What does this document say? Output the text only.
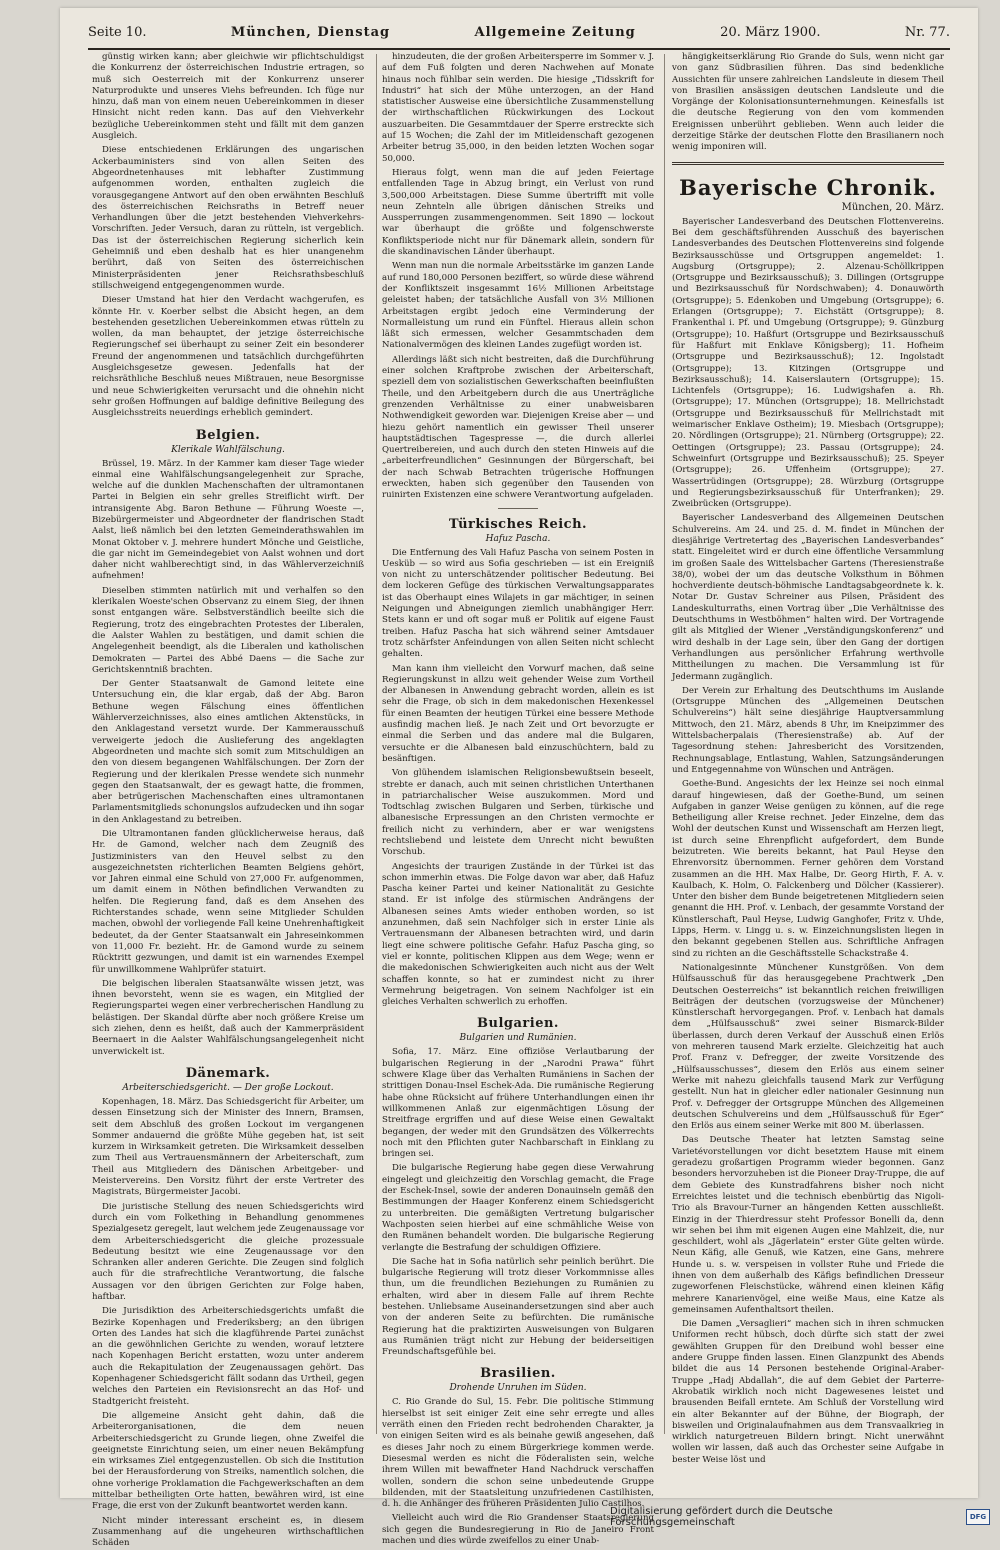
Seite 10.	München, Dienstag	Allgemeine Zeitung	20. März 1900.	Nr. 77.

günstig wirken kann; aber gleichwie wir pflichtschuldigst die Konkurrenz der österreichischen Industrie ertragen, so muß sich Oesterreich mit der Konkurrenz unserer Naturprodukte und unseres Viehs befreunden. Ich füge nur hinzu, daß man von einem neuen Uebereinkommen in dieser Hinsicht nicht reden kann. Das auf den Viehverkehr bezügliche Uebereinkommen steht und fällt mit dem ganzen Ausgleich.

Diese entschiedenen Erklärungen des ungarischen Ackerbauministers sind von allen Seiten des Abgeordnetenhauses mit lebhafter Zustimmung aufgenommen worden, enthalten zugleich die vorausgegangene Antwort auf den oben erwähnten Beschluß des österreichischen Reichsraths in Betreff neuer Verhandlungen über die jetzt bestehenden Viehverkehrs-Vorschriften. Jeder Versuch, daran zu rütteln, ist vergeblich. Das ist der österreichischen Regierung sicherlich kein Geheimniß und eben deshalb hat es hier unangenehm berührt, daß von Seiten des österreichischen Ministerpräsidenten jener Reichsrathsbeschluß stillschweigend entgegengenommen wurde.

Dieser Umstand hat hier den Verdacht wachgerufen, es könnte Hr. v. Koerber selbst die Absicht hegen, an dem bestehenden gesetzlichen Uebereinkommen etwas rütteln zu wollen, da man behauptet, der jetzige österreichische Regierungschef sei überhaupt zu seiner Zeit ein besonderer Freund der angenommenen und tatsächlich durchgeführten Ausgleichsgesetze gewesen. Jedenfalls hat der reichsräthliche Beschluß neues Mißtrauen, neue Besorgnisse und neue Schwierigkeiten verursacht und die ohnehin nicht sehr großen Hoffnungen auf baldige definitive Beilegung des Ausgleichsstreits neuerdings erheblich gemindert.

Belgien.
Klerikale Wahlfälschung.

Brüssel, 19. März. In der Kammer kam dieser Tage wieder einmal eine Wahlfälschungsangelegenheit zur Sprache, welche auf die dunklen Machenschaften der ultramontanen Partei in Belgien ein sehr grelles Streiflicht wirft. Der intransigente Abg. Baron Bethune — Führung Woeste —, Bizebürgermeister und Abgeordneter der flandrischen Stadt Aalst, ließ nämlich bei den letzten Gemeinderathswahlen im Monat Oktober v. J. mehrere hundert Mönche und Geistliche, die gar nicht im Gemeindegebiet von Aalst wohnen und dort daher nicht wahlberechtigt sind, in das Wählerverzeichniß aufnehmen!

Dieselben stimmten natürlich mit und verhalfen so den klerikalen Woeste'schen Observanz zu einem Sieg, der ihnen sonst entgangen wäre. Selbstverständlich beeilte sich die Regierung, trotz des eingebrachten Protestes der Liberalen, die Aalster Wahlen zu bestätigen, und damit schien die Angelegenheit beendigt, als die Liberalen und katholischen Demokraten — Partei des Abbé Daens — die Sache zur Gerichtskenntniß brachten.

Der Genter Staatsanwalt de Gamond leitete eine Untersuchung ein, die klar ergab, daß der Abg. Baron Bethune wegen Fälschung eines öffentlichen Wählerverzeichnisses, also eines amtlichen Aktenstücks, in den Anklagestand versetzt wurde. Der Kammerausschuß verweigerte jedoch die Auslieferung des angeklagten Abgeordneten und machte sich somit zum Mitschuldigen an den von diesem begangenen Wahlfälschungen. Der Zorn der Regierung und der klerikalen Presse wendete sich nunmehr gegen den Staatsanwalt, der es gewagt hatte, die frommen, aber betrügerischen Machenschaften eines ultramontanen Parlamentsmitglieds schonungslos aufzudecken und ihn sogar in den Anklagestand zu betreiben.

Die Ultramontanen fanden glücklicherweise heraus, daß Hr. de Gamond, welcher nach dem Zeugniß des Justizministers van den Heuvel selbst zu den ausgezeichnetsten richterlichen Beamten Belgiens gehört, vor Jahren einmal eine Schuld von 27,000 Fr. aufgenommen, um damit einem in Nöthen befindlichen Verwandten zu helfen. Die Regierung fand, daß es dem Ansehen des Richterstandes schade, wenn seine Mitglieder Schulden machen, obwohl der vorliegende Fall keine Unehrenhaftigkeit bedeutet, da der Genter Staatsanwalt ein Jahreseinkommen von 11,000 Fr. bezieht. Hr. de Gamond wurde zu seinem Rücktritt gezwungen, und damit ist ein warnendes Exempel für unwillkommene Wahlprüfer statuirt.

Die belgischen liberalen Staatsanwälte wissen jetzt, was ihnen bevorsteht, wenn sie es wagen, ein Mitglied der Regierungspartei wegen einer verbrecherischen Handlung zu belästigen. Der Skandal dürfte aber noch größere Kreise um sich ziehen, denn es heißt, daß auch der Kammerpräsident Beernaert in die Aalster Wahlfälschungsangelegenheit nicht unverwickelt ist.

Dänemark.
Arbeiterschiedsgericht. — Der große Lockout.

Kopenhagen, 18. März. Das Schiedsgericht für Arbeiter, um dessen Einsetzung sich der Minister des Innern, Bramsen, seit dem Abschluß des großen Lockout im vergangenen Sommer andauernd die größte Mühe gegeben hat, ist seit kurzem in Wirksamkeit getreten. Die Wirksamkeit desselben zum Theil aus Vertrauensmännern der Arbeiterschaft, zum Theil aus Mitgliedern des Dänischen Arbeitgeber- und Meistervereins. Den Vorsitz führt der erste Vertreter des Magistrats, Bürgermeister Jacobi.

Die juristische Stellung des neuen Schiedsgerichts wird durch ein vom Folkething in Behandlung genommenes Spezialgesetz geregelt, laut welchem jede Zeugenaussage vor dem Arbeiterschiedsgericht die gleiche prozessuale Bedeutung besitzt wie eine Zeugenaussage vor den Schranken aller anderen Gerichte. Die Zeugen sind folglich auch für die strafrechtliche Verantwortung, die falsche Aussagen vor den übrigen Gerichten zur Folge haben, haftbar.

Die Jurisdiktion des Arbeiterschiedsgerichts umfaßt die Bezirke Kopenhagen und Frederiksberg; an den übrigen Orten des Landes hat sich die klagführende Partei zunächst an die gewöhnlichen Gerichte zu wenden, worauf letztere nach Kopenhagen Bericht erstatten, wozu unter anderem auch die Rekapitulation der Zeugenaussagen gehört. Das Kopenhagener Schiedsgericht fällt sodann das Urtheil, gegen welches den Parteien ein Revisionsrecht an das Hof- und Stadtgericht freisteht.

Die allgemeine Ansicht geht dahin, daß die Arbeiterorganisationen, die dem neuen Arbeiterschiedsgericht zu Grunde liegen, ohne Zweifel die geeignetste Einrichtung seien, um einer neuen Bekämpfung ein wirksames Ziel entgegenzustellen. Ob sich die Institution bei der Herausforderung von Streiks, namentlich solchen, die ohne vorherige Proklamation die Fachgewerkschaften an dem mittelbar betheiligten Orte hatten, bewähren wird, ist eine Frage, die erst von der Zukunft beantwortet werden kann.

Nicht minder interessant erscheint es, in diesem Zusammenhang auf die ungeheuren wirthschaftlichen Schäden

hinzudeuten, die der großen Arbeitersperre im Sommer v. J. auf dem Fuß folgten und deren Nachwehen auf Monate hinaus noch fühlbar sein werden. Die hiesige „Tidsskrift for Industri“ hat sich der Mühe unterzogen, an der Hand statistischer Ausweise eine übersichtliche Zusammenstellung der wirthschaftlichen Rückwirkungen des Lockout auszuarbeiten. Die Gesammtdauer der Sperre erstreckte sich auf 15 Wochen; die Zahl der im Mitleidenschaft gezogenen Arbeiter betrug 35,000, in den beiden letzten Wochen sogar 50,000.

Hieraus folgt, wenn man die auf jeden Feiertage entfallenden Tage in Abzug bringt, ein Verlust von rund 3,500,000 Arbeitstagen. Diese Summe übertrifft mit volle neun Zehnteln alle übrigen dänischen Streiks und Aussperrungen zusammengenommen. Seit 1890 — lockout war überhaupt die größte und folgenschwerste Konfliktsperiode nicht nur für Dänemark allein, sondern für die skandinavischen Länder überhaupt.

Wenn man nun die normale Arbeitsstärke im ganzen Lande auf rund 180,000 Personen beziffert, so würde diese während der Konfliktszeit insgesammt 16½ Millionen Arbeitstage geleistet haben; der tatsächliche Ausfall von 3½ Millionen Arbeitstagen ergibt jedoch eine Verminderung der Normalleistung um rund ein Fünftel. Hieraus allein schon läßt sich ermessen, welcher Gesammtschaden dem Nationalvermögen des kleinen Landes zugefügt worden ist.

Allerdings läßt sich nicht bestreiten, daß die Durchführung einer solchen Kraftprobe zwischen der Arbeiterschaft, speziell dem von sozialistischen Gewerkschaften beeinflußten Theile, und den Arbeitgebern durch die aus Unerträgliche grenzenden Verhältnisse zu einer unabweisbaren Nothwendigkeit geworden war. Diejenigen Kreise aber — und hiezu gehört namentlich ein gewisser Theil unserer hauptstädtischen Tagespresse —, die durch allerlei Quertreibereien, und auch durch den steten Hinweis auf die „arbeiterfreundlichen“ Gesinnungen der Bürgerschaft, bei der nach Schwab Betrachten trügerische Hoffnungen erweckten, haben sich gegenüber den Tausenden von ruinirten Existenzen eine schwere Verantwortung aufgeladen.

Türkisches Reich.
Hafuz Pascha.

Die Entfernung des Vali Hafuz Pascha von seinem Posten in Uesküb — so wird aus Sofia geschrieben — ist ein Ereigniß von nicht zu unterschätzender politischer Bedeutung. Bei dem lockeren Gefüge des türkischen Verwaltungsapparates ist das Oberhaupt eines Wilajets in gar mächtiger, in seinen Neigungen und Abneigungen ziemlich unabhängiger Herr. Stets kann er und oft sogar muß er Politik auf eigene Faust treiben. Hafuz Pascha hat sich während seiner Amtsdauer trotz schärfster Anfeindungen von allen Seiten nicht schlecht gehalten.

Man kann ihm vielleicht den Vorwurf machen, daß seine Regierungskunst in allzu weit gehender Weise zum Vortheil der Albanesen in Anwendung gebracht worden, allein es ist sehr die Frage, ob sich in dem makedonischen Hexenkessel für einen Beamten der heutigen Türkei eine bessere Methode ausfindig machen ließ. Je nach Zeit und Ort bevorzugte er einmal die Serben und das andere mal die Bulgaren, versuchte er die Albanesen bald einzuschüchtern, bald zu besänftigen.

Von glühendem islamischen Religionsbewußtsein beseelt, strebte er danach, auch mit seinen christlichen Unterthanen in patriarchalischer Weise auszukommen. Mord und Todtschlag zwischen Bulgaren und Serben, türkische und albanesische Erpressungen an den Christen vermochte er freilich nicht zu verhindern, aber er war wenigstens rechtsliebend und leistete dem Unrecht nicht bewußten Vorschub.

Angesichts der traurigen Zustände in der Türkei ist das schon immerhin etwas. Die Folge davon war aber, daß Hafuz Pascha keiner Partei und keiner Nationalität zu Gesichte stand. Er ist infolge des stürmischen Andrängens der Albanesen seines Amts wieder enthoben worden, so ist anzunehmen, daß sein Nachfolger sich in erster Linie als Vertrauensmann der Albanesen betrachten wird, und darin liegt eine schwere politische Gefahr. Hafuz Pascha ging, so viel er konnte, politischen Klippen aus dem Wege; wenn er die makedonischen Schwierigkeiten auch nicht aus der Welt schaffen konnte, so hat er zumindest nicht zu ihrer Vermehrung beigetragen. Von seinem Nachfolger ist ein gleiches Verhalten schwerlich zu erhoffen.

Bulgarien.
Bulgarien und Rumänien.

Sofia, 17. März. Eine offiziöse Verlautbarung der bulgarischen Regierung in der „Narodni Prawa“ führt schwere Klage über das Verhalten Rumäniens in Sachen der strittigen Donau-Insel Eschek-Ada. Die rumänische Regierung habe ohne Rücksicht auf frühere Unterhandlungen einen ihr willkommenen Anlaß zur eigenmächtigen Lösung der Streitfrage ergriffen und auf diese Weise einen Gewaltakt begangen, der weder mit den Grundsätzen des Völkerrechts noch mit den Pflichten guter Nachbarschaft in Einklang zu bringen sei.

Die bulgarische Regierung habe gegen diese Verwahrung eingelegt und gleichzeitig den Vorschlag gemacht, die Frage der Eschek-Insel, sowie der anderen Donauinseln gemäß den Bestimmungen der Haager Konferenz einem Schiedsgericht zu unterbreiten. Die gemäßigten Vertretung bulgarischer Wachposten seien hierbei auf eine schmähliche Weise von den Rumänen behandelt worden. Die bulgarische Regierung verlangte die Bestrafung der schuldigen Offiziere.

Die Sache hat in Sofia natürlich sehr peinlich berührt. Die bulgarische Regierung will trotz dieser Vorkommnisse alles thun, um die freundlichen Beziehungen zu Rumänien zu erhalten, wird aber in diesem Falle auf ihrem Rechte bestehen. Unliebsame Auseinandersetzungen sind aber auch von der anderen Seite zu befürchten. Die rumänische Regierung hat die praktizirten Ausweisungen von Bulgaren aus Rumänien trägt nicht zur Hebung der beiderseitigen Freundschaftsgefühle bei.

Brasilien.
Drohende Unruhen im Süden.

C. Rio Grande do Sul, 15. Febr. Die politische Stimmung hierselbst ist seit einiger Zeit eine sehr erregte und alles verräth einen den Frieden recht bedrohenden Charakter, ja von einigen Seiten wird es als beinahe gewiß angesehen, daß es dieses Jahr noch zu einem Bürgerkriege kommen werde. Diesesmal werden es nicht die Föderalisten sein, welche ihrem Willen mit bewaffneter Hand Nachdruck verschaffen wollen, sondern die schon seine unbedeutende Gruppe bildenden, mit der Staatsleitung unzufriedenen Castilhisten, d. h. die Anhänger des früheren Präsidenten Julio Castilhos.

Vielleicht auch wird die Rio Grandenser Staatsregierung sich gegen die Bundesregierung in Rio de Janeiro Front machen und dies würde zweifellos zu einer Unab-

hängigkeitserklärung Rio Grande do Suls, wenn nicht gar von ganz Südbrasilien führen. Das sind bedenkliche Aussichten für unsere zahlreichen Landsleute in diesem Theil von Brasilien ansässigen deutschen Landsleute und die Vorgänge der Kolonisationsunternehmungen. Keinesfalls ist die deutsche Regierung von den vom kommenden Ereignissen unberührt geblieben. Wenn auch leider die derzeitige Stärke der deutschen Flotte den Brasilianern noch wenig imponiren will.

Bayerische Chronik.
München, 20. März.

Bayerischer Landesverband des Deutschen Flottenvereins. Bei dem geschäftsführenden Ausschuß des bayerischen Landesverbandes des Deutschen Flottenvereins sind folgende Bezirksausschüsse und Ortsgruppen angemeldet: 1. Augsburg (Ortsgruppe); 2. Alzenau-Schöllkrippen (Ortsgruppe und Bezirksausschuß); 3. Dillingen (Ortsgruppe und Bezirksausschuß für Nordschwaben); 4. Donauwörth (Ortsgruppe); 5. Edenkoben und Umgebung (Ortsgruppe); 6. Erlangen (Ortsgruppe); 7. Eichstätt (Ortsgruppe); 8. Frankenthal i. Pf. und Umgebung (Ortsgruppe); 9. Günzburg (Ortsgruppe); 10. Haßfurt (Ortsgruppe und Bezirksausschuß für Haßfurt mit Enklave Königsberg); 11. Hofheim (Ortsgruppe und Bezirksausschuß); 12. Ingolstadt (Ortsgruppe); 13. Kitzingen (Ortsgruppe und Bezirksausschuß); 14. Kaiserslautern (Ortsgruppe); 15. Lichtenfels (Ortsgruppe); 16. Ludwigshafen a. Rh. (Ortsgruppe); 17. München (Ortsgruppe); 18. Mellrichstadt (Ortsgruppe und Bezirksausschuß für Mellrichstadt mit weimarischer Enklave Ostheim); 19. Miesbach (Ortsgruppe); 20. Nördlingen (Ortsgruppe); 21. Nürnberg (Ortsgruppe); 22. Oettingen (Ortsgruppe); 23. Passau (Ortsgruppe); 24. Schweinfurt (Ortsgruppe und Bezirksausschuß); 25. Speyer (Ortsgruppe); 26. Uffenheim (Ortsgruppe); 27. Wassertrüdingen (Ortsgruppe); 28. Würzburg (Ortsgruppe und Regierungsbezirksausschuß für Unterfranken); 29. Zweibrücken (Ortsgruppe).

Bayerischer Landesverband des Allgemeinen Deutschen Schulvereins. Am 24. und 25. d. M. findet in München der diesjährige Vertretertag des „Bayerischen Landesverbandes“ statt. Eingeleitet wird er durch eine öffentliche Versammlung im großen Saale des Wittelsbacher Gartens (Theresienstraße 38/0), wobei der um das deutsche Volksthum in Böhmen hochverdiente deutsch-böhmische Landtagsabgeordnete k. k. Notar Dr. Gustav Schreiner aus Pilsen, Präsident des Landeskulturraths, einen Vortrag über „Die Verhältnisse des Deutschthums in Westböhmen“ halten wird. Der Vortragende gilt als Mitglied der Wiener „Verständigungskonferenz“ und wird deshalb in der Lage sein, über den Gang der dortigen Verhandlungen aus persönlicher Erfahrung werthvolle Mittheilungen zu machen. Die Versammlung ist für Jedermann zugänglich.

Der Verein zur Erhaltung des Deutschthums im Auslande (Ortsgruppe München des „Allgemeinen Deutschen Schulvereins“) hält seine diesjährige Hauptversammlung Mittwoch, den 21. März, abends 8 Uhr, im Kneipzimmer des Wittelsbacherpalais (Theresienstraße) ab. Auf der Tagesordnung stehen: Jahresbericht des Vorsitzenden, Rechnungsablage, Entlastung, Wahlen, Satzungsänderungen und Entgegennahme von Wünschen und Anträgen.

Goethe-Bund. Angesichts der lex Heinze sei noch einmal darauf hingewiesen, daß der Goethe-Bund, um seinen Aufgaben in ganzer Weise genügen zu können, auf die rege Betheiligung aller Kreise rechnet. Jeder Einzelne, dem das Wohl der deutschen Kunst und Wissenschaft am Herzen liegt, ist durch seine Ehrenpflicht aufgefordert, dem Bunde beizutreten. Wie bereits bekannt, hat Paul Heyse den Ehrenvorsitz übernommen. Ferner gehören dem Vorstand zusammen an die HH. Max Halbe, Dr. Georg Hirth, F. A. v. Kaulbach, K. Holm, O. Falckenberg und Dölcher (Kassierer). Unter den bisher dem Bunde beigetretenen Mitgliedern seien genannt die HH. Prof. v. Lenbach, der gesammte Vorstand der Künstlerschaft, Paul Heyse, Ludwig Ganghofer, Fritz v. Uhde, Lipps, Herm. v. Lingg u. s. w. Einzeichnungslisten liegen in den bekannt gegebenen Stellen aus. Schriftliche Anfragen sind zu richten an die Geschäftsstelle Schackstraße 4.

Nationalgesinnte Münchener Kunstgrößen. Von dem Hülfsausschuß für das herausgegebene Prachtwerk „Den Deutschen Oesterreichs“ ist bekanntlich reichen freiwilligen Beiträgen der deutschen (vorzugsweise der Münchener) Künstlerschaft hervorgegangen. Prof. v. Lenbach hat damals dem „Hülfsausschuß“ zwei seiner Bismarck-Bilder überlassen, durch deren Verkauf der Ausschuß einen Erlös von mehreren tausend Mark erzielte. Gleichzeitig hat auch Prof. Franz v. Defregger, der zweite Vorsitzende des „Hülfsausschusses“, diesem den Erlös aus einem seiner Werke mit nahezu gleichfalls tausend Mark zur Verfügung gestellt. Nun hat in gleicher edler nationaler Gesinnung nun Prof. v. Defregger der Ortsgruppe München des Allgemeinen deutschen Schulvereins und dem „Hülfsausschuß für Eger“ den Erlös aus einem seiner Werke mit 800 M. überlassen.

Das Deutsche Theater hat letzten Samstag seine Varietévorstellungen vor dicht besetztem Hause mit einem geradezu großartigen Programm wieder begonnen. Ganz besonders hervorzuheben ist die Pioneer Dray-Truppe, die auf dem Gebiete des Kunstradfahrens bisher noch nicht Erreichtes leistet und die technisch ebenbürtig das Nigoli-Trio als Bravour-Turner an hängenden Ketten ausschließt. Einzig in der Thierdressur steht Professor Bonelli da, denn wir sehen bei ihm mit eigenen Augen eine Mahlzeit, die, nur geschildert, wohl als „Jägerlatein“ erster Güte gelten würde. Neun Käfig, alle Genuß, wie Katzen, eine Gans, mehrere Hunde u. s. w. verspeisen in vollster Ruhe und Friede die ihnen von dem außerhalb des Käfigs befindlichen Dresseur zugeworfenen Fleischstücke, während einen kleinen Käfig mehrere Kanarienvögel, eine weiße Maus, eine Katze als gemeinsamen Aufenthaltsort theilen.

Die Damen „Versaglieri“ machen sich in ihren schmucken Uniformen recht hübsch, doch dürfte sich statt der zwei gewählten Gruppen für den Dreibund wohl besser eine andere Gruppe finden lassen. Einen Glanzpunkt des Abends bildet die aus 14 Personen bestehende Original-Araber-Truppe „Hadj Abdallah“, die auf dem Gebiet der Parterre-Akrobatik wirklich noch nicht Dagewesenes leistet und brausenden Beifall erntete. Am Schluß der Vorstellung wird ein alter Bekannter auf der Bühne, der Biograph, der bisweilen und Originalaufnahmen aus dem Transvaalkrieg in wirklich naturgetreuen Bildern bringt. Nicht unerwähnt wollen wir lassen, daß auch das Orchester seine Aufgabe in bester Weise löst und

Digitalisierung gefördert durch die Deutsche Forschungsgemeinschaft	DFG
